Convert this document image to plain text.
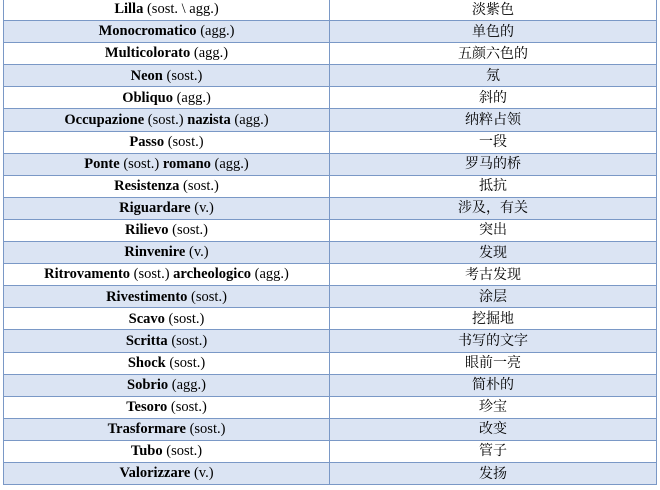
Lilla (sost. \ agg.)	淡紫色
Monocromatico (agg.)	单色的
Multicolorato (agg.)	五颜六色的
Neon (sost.)	氖
Obliquo (agg.)	斜的
Occupazione (sost.) nazista (agg.)	纳粹占领
Passo (sost.)	一段
Ponte (sost.) romano (agg.)	罗马的桥
Resistenza (sost.)	抵抗
Riguardare (v.)	涉及，有关
Rilievo (sost.)	突出
Rinvenire (v.)	发现
Ritrovamento (sost.) archeologico (agg.)	考古发现
Rivestimento (sost.)	涂层
Scavo (sost.)	挖掘地
Scritta (sost.)	书写的文字
Shock (sost.)	眼前一亮
Sobrio (agg.)	简朴的
Tesoro (sost.)	珍宝
Trasformare (sost.)	改变
Tubo (sost.)	管子
Valorizzare (v.)	发扬
